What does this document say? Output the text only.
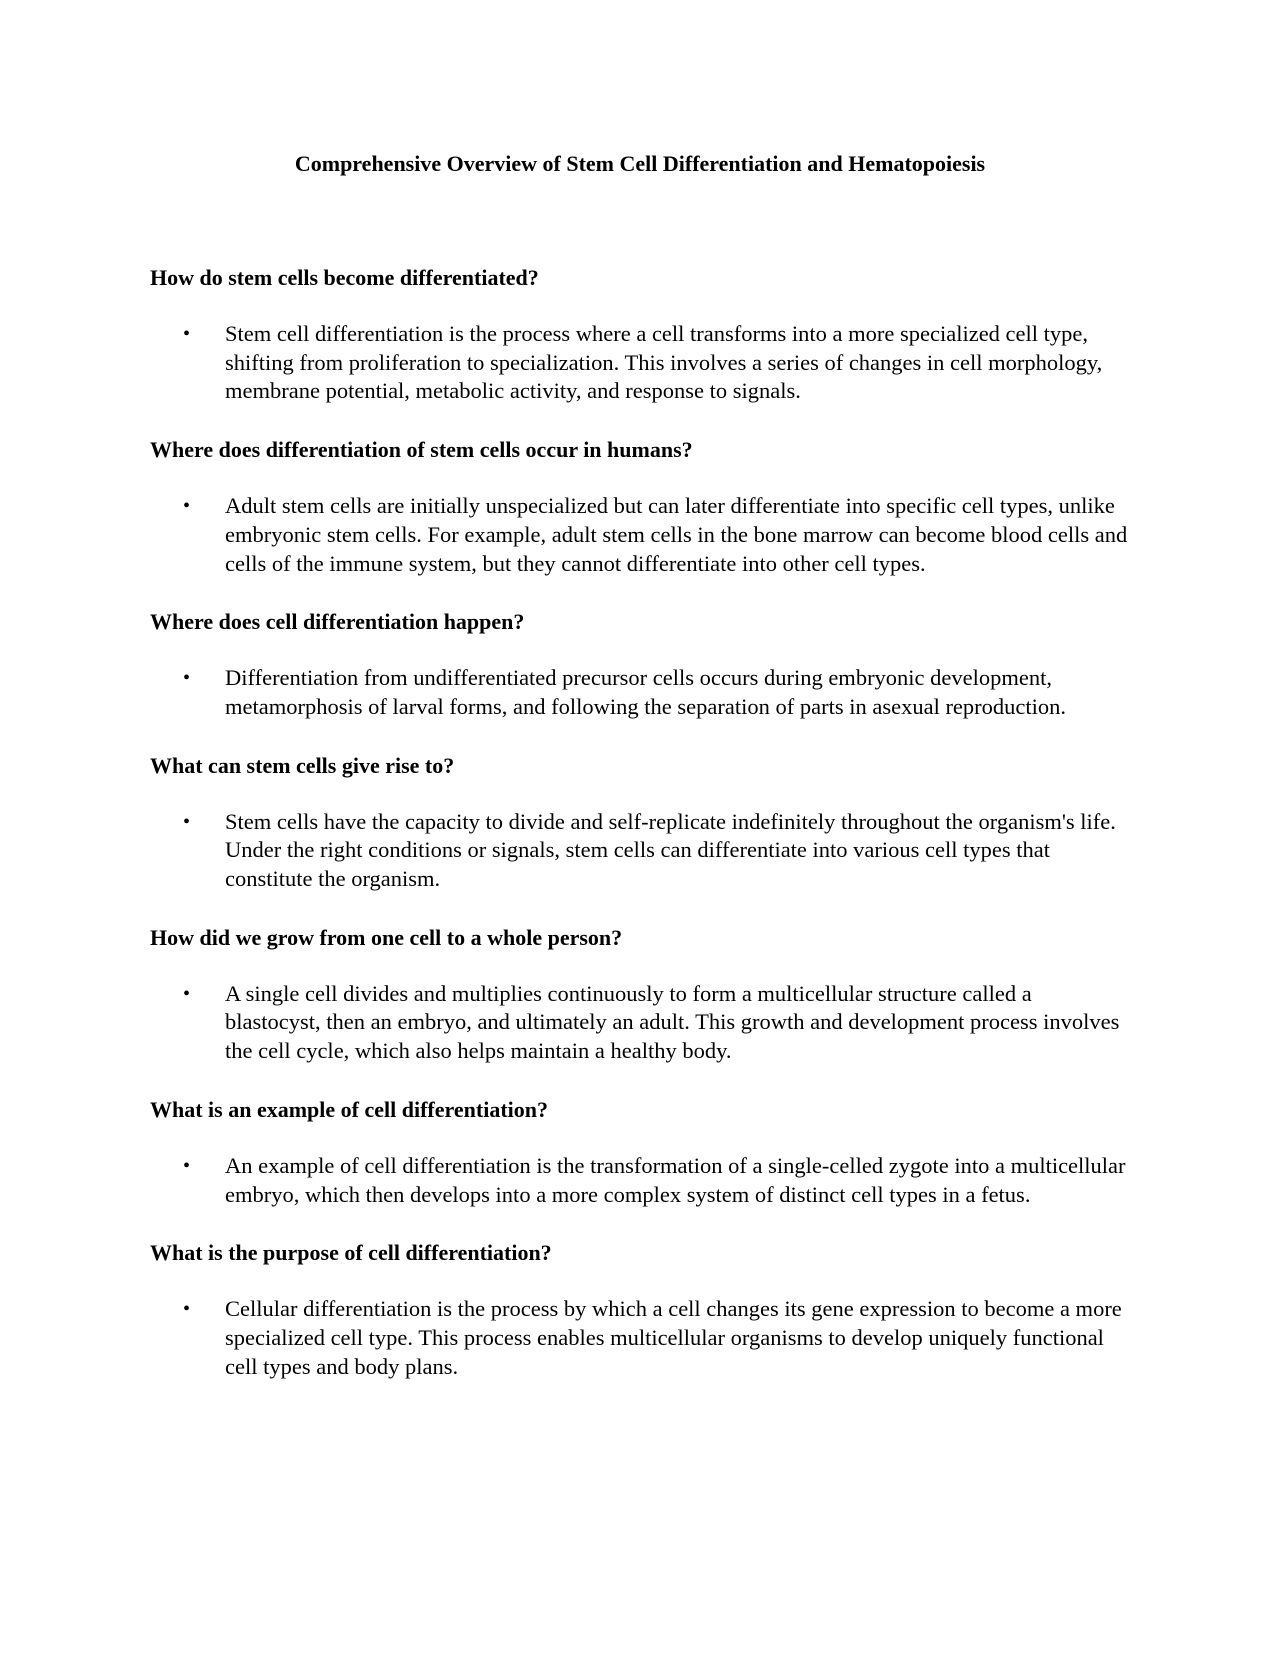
Comprehensive Overview of Stem Cell Differentiation and Hematopoiesis

How do stem cells become differentiated?

• Stem cell differentiation is the process where a cell transforms into a more specialized cell type, shifting from proliferation to specialization. This involves a series of changes in cell morphology, membrane potential, metabolic activity, and response to signals.

Where does differentiation of stem cells occur in humans?

• Adult stem cells are initially unspecialized but can later differentiate into specific cell types, unlike embryonic stem cells. For example, adult stem cells in the bone marrow can become blood cells and cells of the immune system, but they cannot differentiate into other cell types.

Where does cell differentiation happen?

• Differentiation from undifferentiated precursor cells occurs during embryonic development, metamorphosis of larval forms, and following the separation of parts in asexual reproduction.

What can stem cells give rise to?

• Stem cells have the capacity to divide and self-replicate indefinitely throughout the organism's life. Under the right conditions or signals, stem cells can differentiate into various cell types that constitute the organism.

How did we grow from one cell to a whole person?

• A single cell divides and multiplies continuously to form a multicellular structure called a blastocyst, then an embryo, and ultimately an adult. This growth and development process involves the cell cycle, which also helps maintain a healthy body.

What is an example of cell differentiation?

• An example of cell differentiation is the transformation of a single-celled zygote into a multicellular embryo, which then develops into a more complex system of distinct cell types in a fetus.

What is the purpose of cell differentiation?

• Cellular differentiation is the process by which a cell changes its gene expression to become a more specialized cell type. This process enables multicellular organisms to develop uniquely functional cell types and body plans.
